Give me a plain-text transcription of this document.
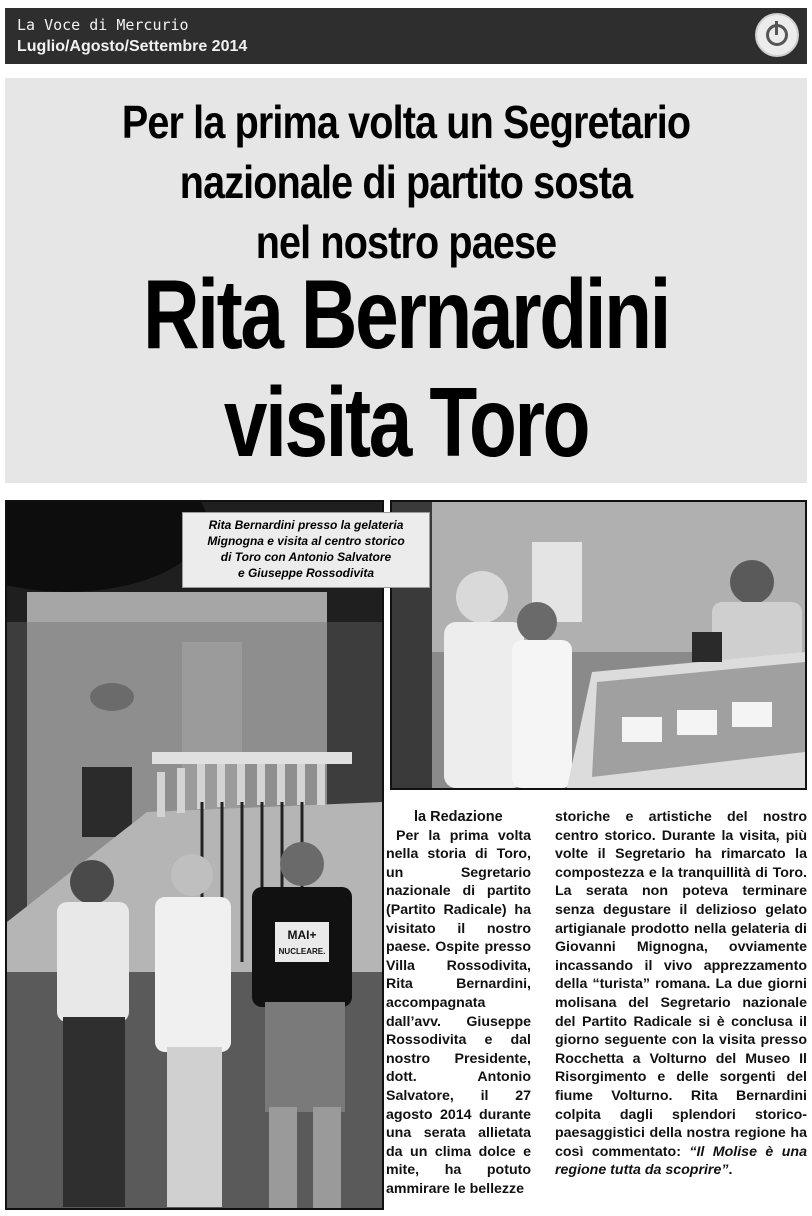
La Voce di Mercurio
Luglio/Agosto/Settembre 2014
Per la prima volta un Segretario
nazionale di partito sosta
nel nostro paese
Rita Bernardini
visita Toro
MAI+
NUCLEARE.
Rita Bernardini presso la gelateria
Mignogna e visita al centro storico
di Toro con Antonio Salvatore
e Giuseppe Rossodivita
la Redazione

Per la prima volta nella storia di Toro, un Segretario nazionale di partito (Partito Radicale) ha visitato il nostro paese. Ospite presso Villa Rossodivita, Rita Bernardini, accompagnata dall’avv. Giuseppe Rossodivita e dal nostro Presidente, dott. Antonio Salvatore, il 27 agosto 2014 durante una serata allietata da un clima dolce e mite, ha potuto ammirare le bellezze

storiche e artistiche del nostro centro storico. Durante la visita, più volte il Segretario ha rimarcato la compostezza e la tranquillità di Toro. La serata non poteva terminare senza degustare il delizioso gelato artigianale prodotto nella gelateria di Giovanni Mignogna, ovviamente incassando il vivo apprezzamento della “turista” romana. La due giorni molisana del Segretario nazionale del Partito Radicale si è conclusa il giorno seguente con la visita presso Rocchetta a Volturno del Museo Il Risorgimento e delle sorgenti del fiume Volturno. Rita Bernardini colpita dagli splendori storico-paesaggistici della nostra regione ha così commentato: “Il Molise è una regione tutta da scoprire”.
